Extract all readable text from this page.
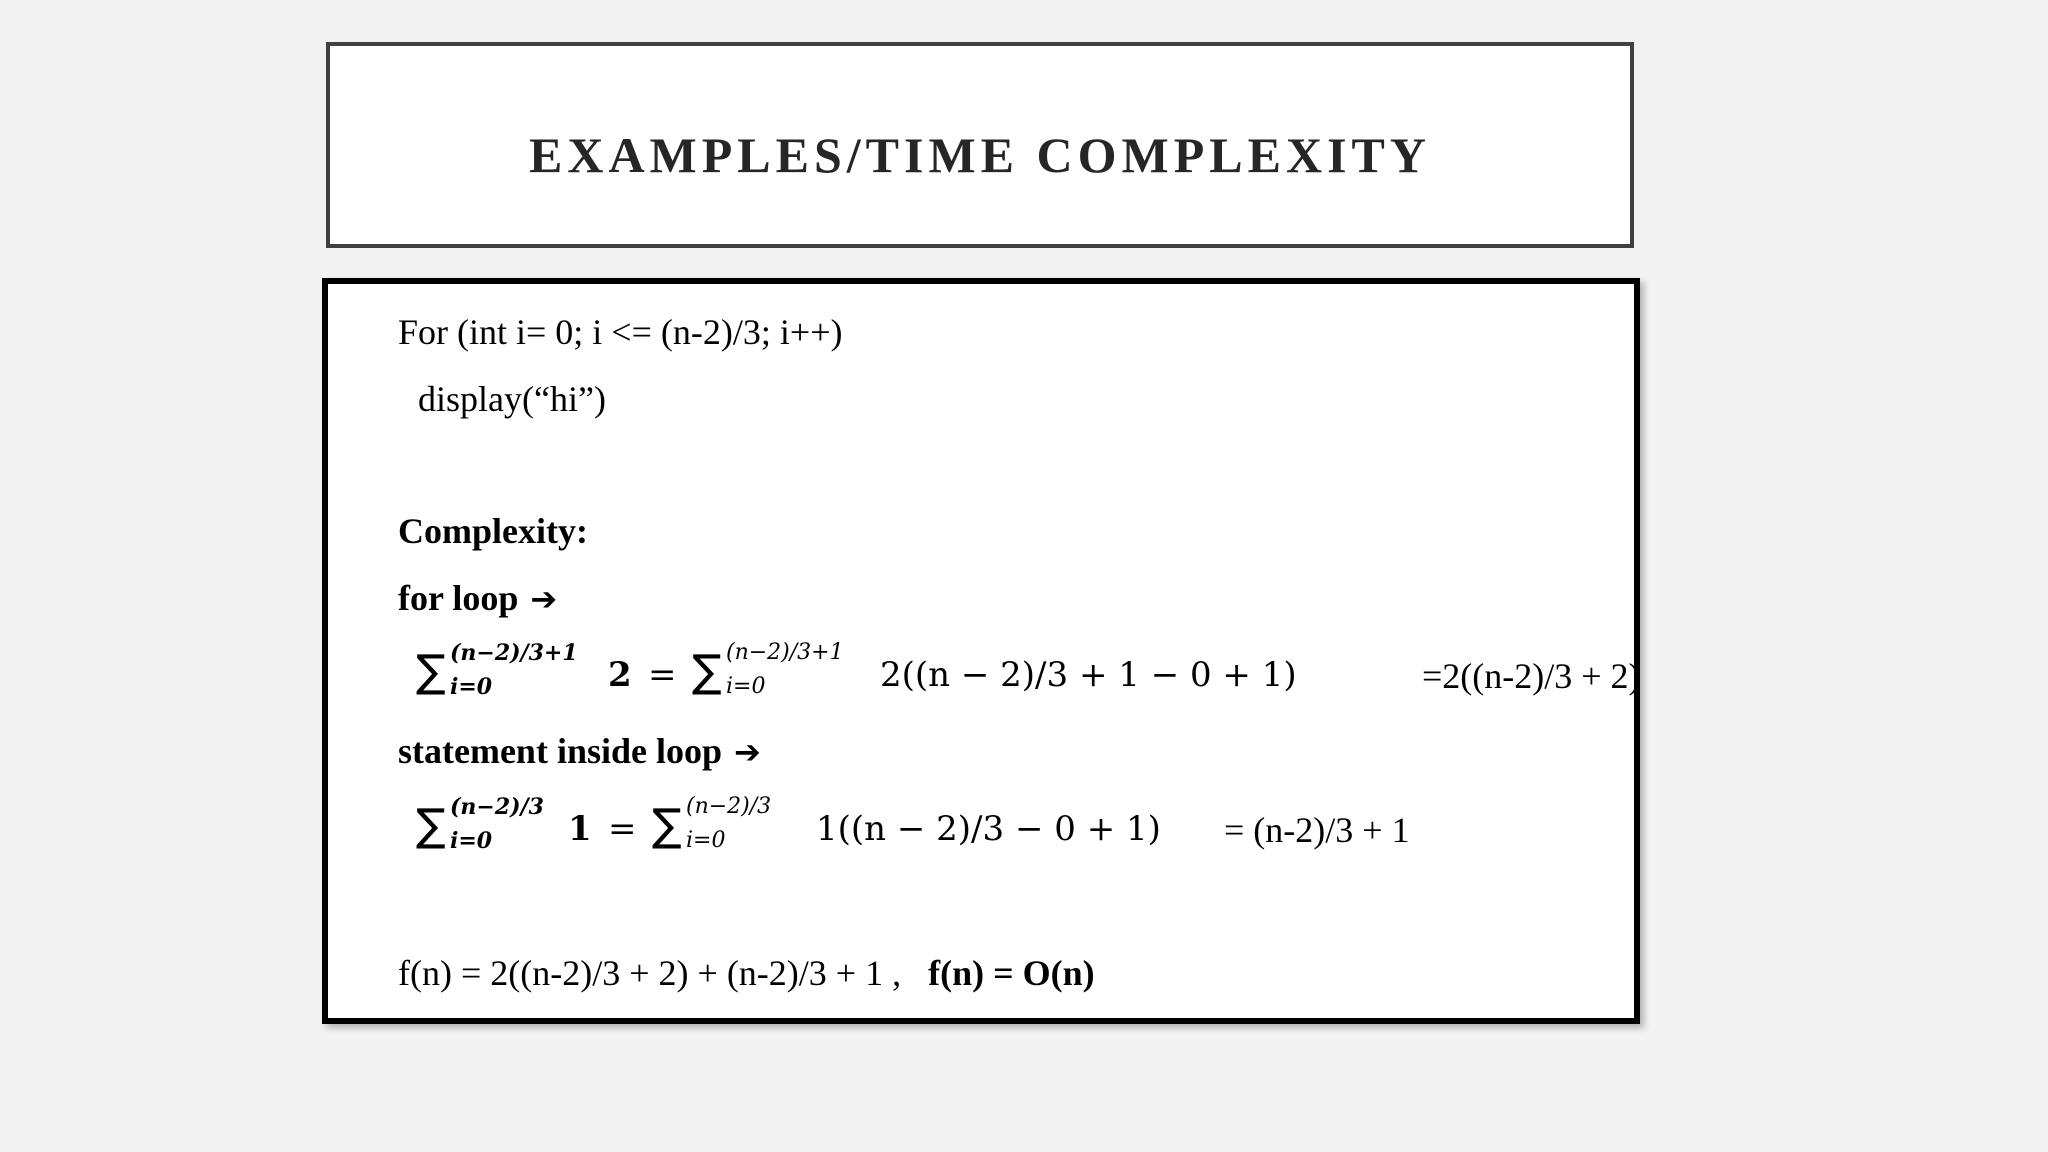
EXAMPLES/TIME COMPLEXITY
For (int i= 0; i <= (n-2)/3; i++)
display(“hi”)
Complexity:
for loop ➔
∑ (n−2)/3+1
i=0	2 = ∑ (n−2)/3+1
i=0	2((n − 2)/3 + 1 − 0 + 1)	=2((n-2)/3 + 2)
statement inside loop ➔
∑ (n−2)/3
i=0 1 = ∑ (n−2)/3
i=0	1((n − 2)/3 − 0 + 1) = (n-2)/3 + 1
f(n) = 2((n-2)/3 + 2) + (n-2)/3 + 1 , f(n) = O(n)
